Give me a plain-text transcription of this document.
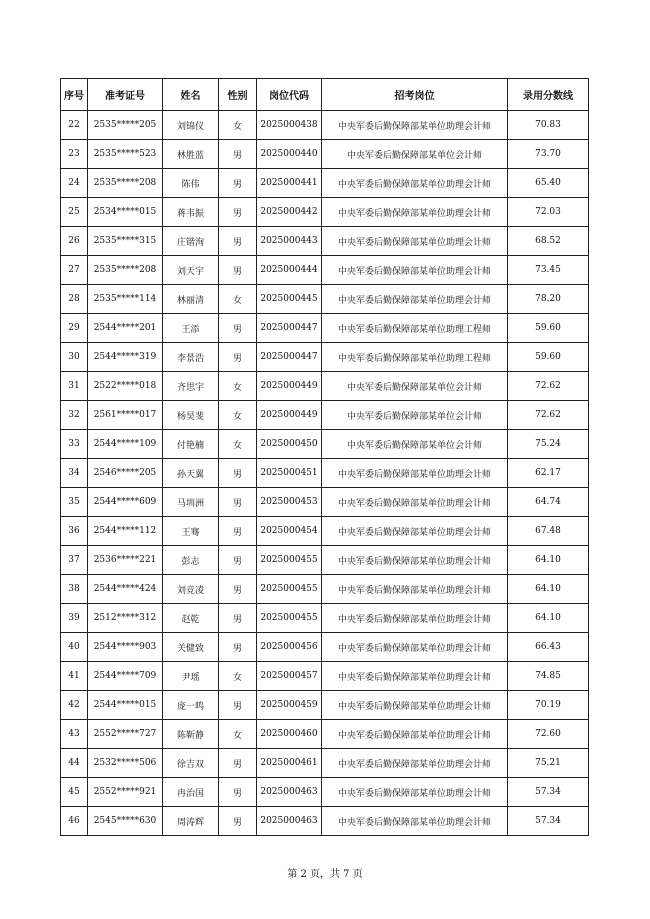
序号	准考证号	姓名	性别	岗位代码	招考岗位	录用分数线
22	2535*****205	刘锦仪	女	2025000438	中央军委后勤保障部某单位助理会计师	70.83
23	2535*****523	林胜蓝	男	2025000440	中央军委后勤保障部某单位会计师	73.70
24	2535*****208	陈伟	男	2025000441	中央军委后勤保障部某单位助理会计师	65.40
25	2534*****015	蒋韦振	男	2025000442	中央军委后勤保障部某单位助理会计师	72.03
26	2535*****315	庄锴洵	男	2025000443	中央军委后勤保障部某单位助理会计师	68.52
27	2535*****208	刘天宇	男	2025000444	中央军委后勤保障部某单位助理会计师	73.45
28	2535*****114	林丽清	女	2025000445	中央军委后勤保障部某单位助理会计师	78.20
29	2544*****201	王添	男	2025000447	中央军委后勤保障部某单位助理工程师	59.60
30	2544*****319	李景浩	男	2025000447	中央军委后勤保障部某单位助理工程师	59.60
31	2522*****018	齐思宇	女	2025000449	中央军委后勤保障部某单位会计师	72.62
32	2561*****017	杨昊斐	女	2025000449	中央军委后勤保障部某单位会计师	72.62
33	2544*****109	付艳楠	女	2025000450	中央军委后勤保障部某单位会计师	75.24
34	2546*****205	孙天翼	男	2025000451	中央军委后勤保障部某单位助理会计师	62.17
35	2544*****609	马圳洲	男	2025000453	中央军委后勤保障部某单位助理会计师	64.74
36	2544*****112	王骞	男	2025000454	中央军委后勤保障部某单位助理会计师	67.48
37	2536*****221	彭志	男	2025000455	中央军委后勤保障部某单位助理会计师	64.10
38	2544*****424	刘竞凌	男	2025000455	中央军委后勤保障部某单位助理会计师	64.10
39	2512*****312	赵乾	男	2025000455	中央军委后勤保障部某单位助理会计师	64.10
40	2544*****903	关健致	男	2025000456	中央军委后勤保障部某单位助理会计师	66.43
41	2544*****709	尹瑶	女	2025000457	中央军委后勤保障部某单位助理会计师	74.85
42	2544*****015	庞一鸣	男	2025000459	中央军委后勤保障部某单位助理会计师	70.19
43	2552*****727	陈靳静	女	2025000460	中央军委后勤保障部某单位助理会计师	72.60
44	2532*****506	徐吉双	男	2025000461	中央军委后勤保障部某单位助理会计师	75.21
45	2552*****921	冉治国	男	2025000463	中央军委后勤保障部某单位助理会计师	57.34
46	2545*****630	周涛辉	男	2025000463	中央军委后勤保障部某单位助理会计师	57.34
第 2 页，共 7 页
